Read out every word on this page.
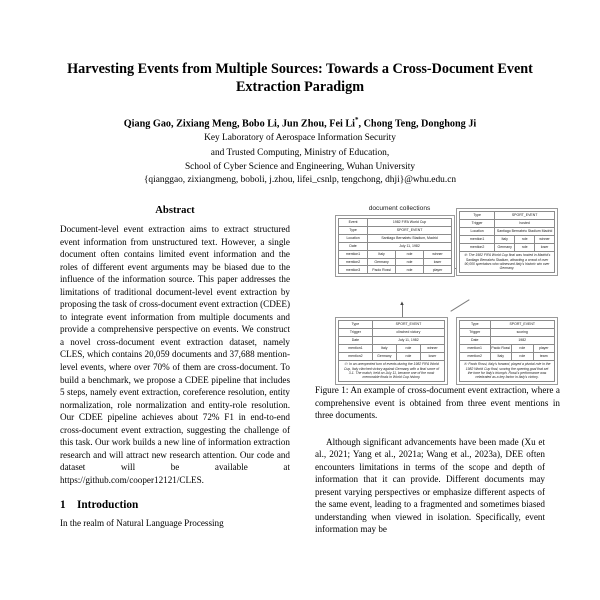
Harvesting Events from Multiple Sources: Towards a Cross-Document Event Extraction Paradigm
Qiang Gao, Zixiang Meng, Bobo Li, Jun Zhou, Fei Li*, Chong Teng, Donghong Ji
Key Laboratory of Aerospace Information Security
and Trusted Computing, Ministry of Education,
School of Cyber Science and Engineering, Wuhan University
{qianggao, zixiangmeng, boboli, j.zhou, lifei_csnlp, tengchong, dhji}@whu.edu.cn
Abstract

Document-level event extraction aims to extract structured event information from unstructured text. However, a single document often contains limited event information and the roles of different event arguments may be biased due to the influence of the information source. This paper addresses the limitations of traditional document-level event extraction by proposing the task of cross-document event extraction (CDEE) to integrate event information from multiple documents and provide a comprehensive perspective on events. We construct a novel cross-document event extraction dataset, namely CLES, which contains 20,059 documents and 37,688 mention-level events, where over 70% of them are cross-document. To build a benchmark, we propose a CDEE pipeline that includes 5 steps, namely event extraction, coreference resolution, entity normalization, role normalization and entity-role resolution. Our CDEE pipeline achieves about 72% F1 in end-to-end cross-document event extraction, suggesting the challenge of this task. Our work builds a new line of information extraction research and will attract new research attention. Our code and dataset will be available at https://github.com/cooper12121/CLES.

1 Introduction

In the realm of Natural Language Processing

document collections
▲
Event	1982 FIFA World Cup		
Type	SPORT_EVENT		
Location	Santiago Bernabéu Stadium, Madrid		
Date	July 11, 1982		
mention1	Italy	role	winner
mention2	Germany	role	loser
mention3	Paolo Rossi	role	player
Type	SPORT_EVENT		
Trigger	hosted		
Location	Santiago Bernabéu Stadium Madrid		
mention1	Italy	role	winner
mention2	Germany	role	loser
③: The 1982 FIFA World Cup final was hosted in Madrid's Santiago Bernabéu Stadium, attracting a crowd of over 90,000 spectators who witnessed Italy's historic win over Germany.
Type	SPORT_EVENT		
Trigger	clinched victory		
Date	July 11, 1982		
mention1	Italy	role	winner
mention2	Germany	role	loser
①: In an unexpected turn of events during the 1982 FIFA World Cup, Italy clinched victory against Germany with a final score of 3-1. The match, held on July 11, became one of the most memorable finals in World Cup history.
Type	SPORT_EVENT		
Trigger	scoring		
Date	1982		
mention1	Paolo Rossi	role	player
mention2	Italy	role	team
②: Paolo Rossi, Italy's forward, played a pivotal role in the 1982 World Cup final, scoring the opening goal that set the tone for Italy's triumph. Rossi's performance was celebrated as a key factor in Italy's victory.

Figure 1: An example of cross-document event extraction, where a comprehensive event is obtained from three event mentions in three documents.

Although significant advancements have been made (Xu et al., 2021; Yang et al., 2021a; Wang et al., 2023a), DEE often encounters limitations in terms of the scope and depth of information that it can provide. Different documents may present varying perspectives or emphasize different aspects of the same event, leading to a fragmented and sometimes biased understanding when viewed in isolation. Specifically, event information may be
